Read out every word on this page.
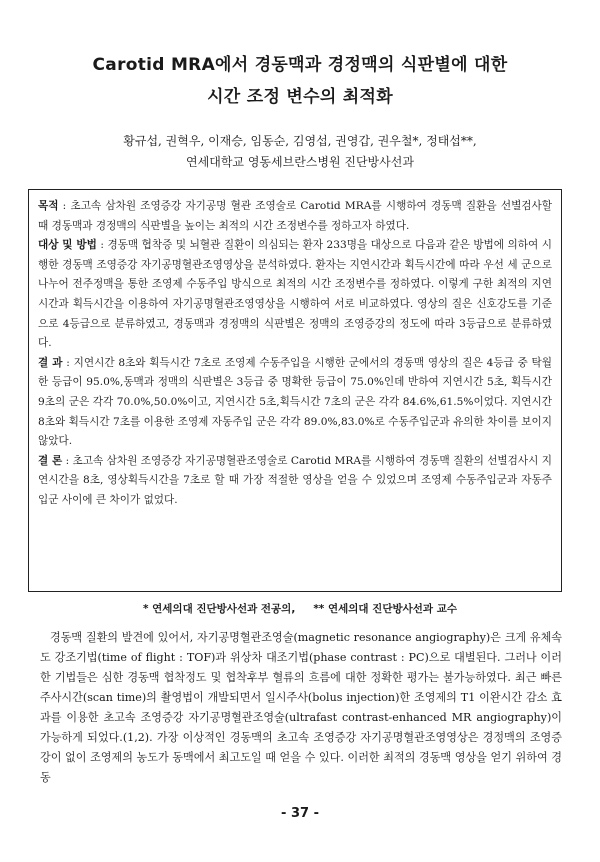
Carotid MRA에서 경동맥과 경정맥의 식판별에 대한
시간 조정 변수의 최적화

황규섭, 권혁우, 이재승, 임동순, 김영섭, 권영갑, 권우철*, 정태섭**,

연세대학교 영동세브란스병원 진단방사선과

목적 : 초고속 삼차원 조영증강 자기공명 혈관 조영술로 Carotid MRA를 시행하여 경동맥 질환을 선별검사할 때 경동맥과 경정맥의 식판별을 높이는 최적의 시간 조정변수를 정하고자 하였다.

대상 및 방법 : 경동맥 협착증 및 뇌혈관 질환이 의심되는 환자 233명을 대상으로 다음과 같은 방법에 의하여 시행한 경동맥 조영증강 자기공명혈관조영영상을 분석하였다. 환자는 지연시간과 획득시간에 따라 우선 세 군으로 나누어 전주정맥을 통한 조영제 수동주입 방식으로 최적의 시간 조정변수를 정하였다. 이렇게 구한 최적의 지연시간과 획득시간을 이용하여 자기공명혈관조영영상을 시행하여 서로 비교하였다. 영상의 질은 신호강도를 기준으로 4등급으로 분류하였고, 경동맥과 경정맥의 식판별은 정맥의 조영증강의 정도에 따라 3등급으로 분류하였다.

결 과 : 지연시간 8초와 획득시간 7초로 조영제 수동주입을 시행한 군에서의 경동맥 영상의 질은 4등급 중 탁월한 등급이 95.0%,동맥과 정맥의 식판별은 3등급 중 명확한 등급이 75.0%인데 반하여 지연시간 5초, 획득시간 9초의 군은 각각 70.0%,50.0%이고, 지연시간 5초,획득시간 7초의 군은 각각 84.6%,61.5%이었다. 지연시간 8초와 획득시간 7초를 이용한 조영제 자동주입 군은 각각 89.0%,83.0%로 수동주입군과 유의한 차이를 보이지 않았다.

결 론 : 초고속 삼차원 조영증강 자기공명혈관조영술로 Carotid MRA를 시행하여 경동맥 질환의 선별검사시 지연시간을 8초, 영상획득시간을 7초로 할 때 가장 적절한 영상을 얻을 수 있었으며 조영제 수동주입군과 자동주입군 사이에 큰 차이가 없었다.

* 연세의대 진단방사선과 전공의, ** 연세의대 진단방사선과 교수

경동맥 질환의 발견에 있어서, 자기공명혈관조영술(magnetic resonance angiography)은 크게 유체속도 강조기법(time of flight : TOF)과 위상차 대조기법(phase contrast : PC)으로 대별된다. 그러나 이러한 기법들은 심한 경동맥 협착정도 및 협착후부 혈류의 흐름에 대한 정확한 평가는 불가능하였다. 최근 빠른 주사시간(scan time)의 촬영법이 개발되면서 일시주사(bolus injection)한 조영제의 T1 이완시간 감소 효과를 이용한 초고속 조영증강 자기공명혈관조영술(ultrafast contrast-enhanced MR angiography)이 가능하게 되었다.(1,2). 가장 이상적인 경동맥의 초고속 조영증강 자기공명혈관조영영상은 경정맥의 조영증강이 없이 조영제의 농도가 동맥에서 최고도일 때 얻을 수 있다. 이러한 최적의 경동맥 영상을 얻기 위하여 경동

- 37 -
